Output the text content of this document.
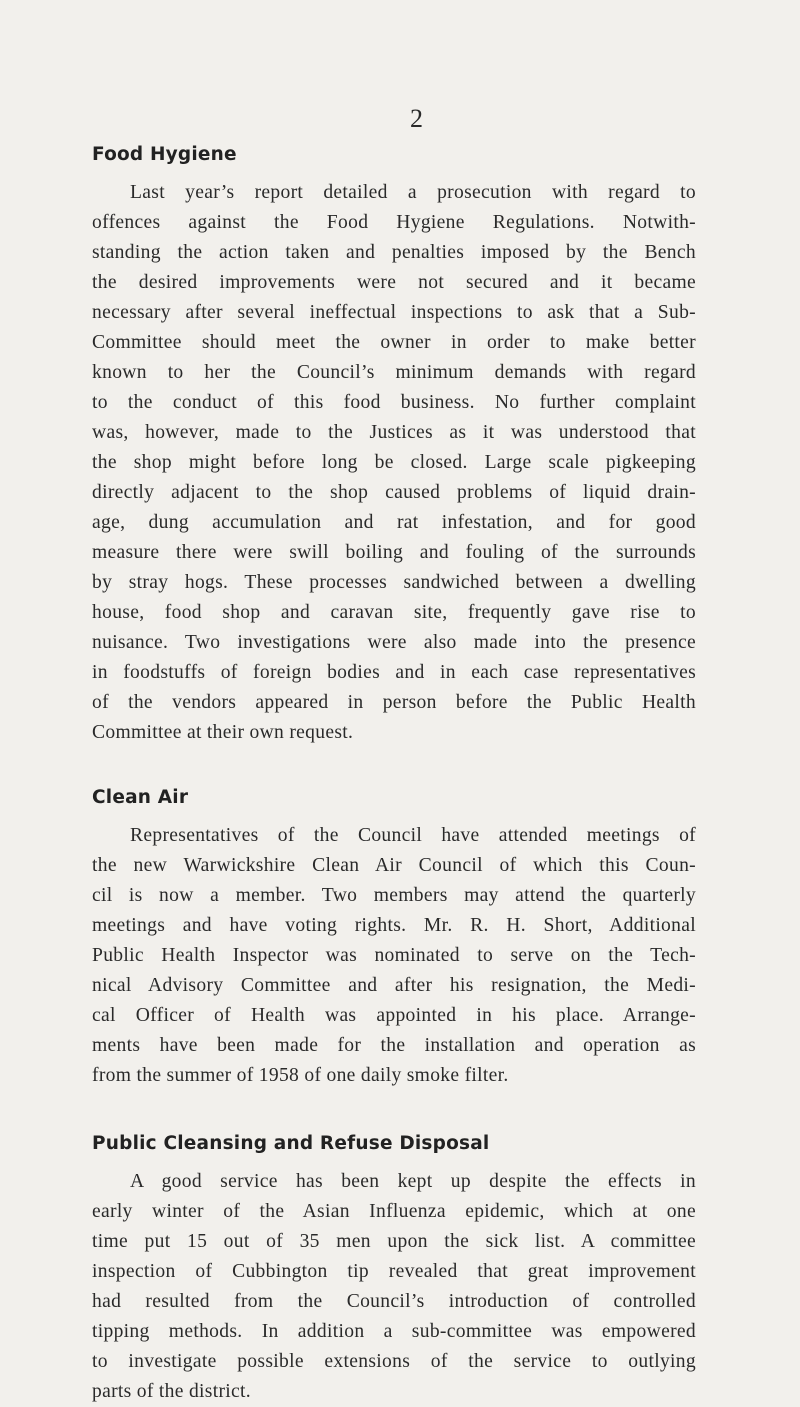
2
Food Hygiene
Last year’s report detailed a prosecution with regard to
offences against the Food Hygiene Regulations. Notwith-
standing the action taken and penalties imposed by the Bench
the desired improvements were not secured and it became
necessary after several ineffectual inspections to ask that a Sub-
Committee should meet the owner in order to make better
known to her the Council’s minimum demands with regard
to the conduct of this food business. No further complaint
was, however, made to the Justices as it was understood that
the shop might before long be closed. Large scale pigkeeping
directly adjacent to the shop caused problems of liquid drain-
age, dung accumulation and rat infestation, and for good
measure there were swill boiling and fouling of the surrounds
by stray hogs. These processes sandwiched between a dwelling
house, food shop and caravan site, frequently gave rise to
nuisance. Two investigations were also made into the presence
in foodstuffs of foreign bodies and in each case representatives
of the vendors appeared in person before the Public Health
Committee at their own request.
Clean Air
Representatives of the Council have attended meetings of
the new Warwickshire Clean Air Council of which this Coun-
cil is now a member. Two members may attend the quarterly
meetings and have voting rights. Mr. R. H. Short, Additional
Public Health Inspector was nominated to serve on the Tech-
nical Advisory Committee and after his resignation, the Medi-
cal Officer of Health was appointed in his place. Arrange-
ments have been made for the installation and operation as
from the summer of 1958 of one daily smoke filter.
Public Cleansing and Refuse Disposal
A good service has been kept up despite the effects in
early winter of the Asian Influenza epidemic, which at one
time put 15 out of 35 men upon the sick list. A committee
inspection of Cubbington tip revealed that great improvement
had resulted from the Council’s introduction of controlled
tipping methods. In addition a sub-committee was empowered
to investigate possible extensions of the service to outlying
parts of the district.
